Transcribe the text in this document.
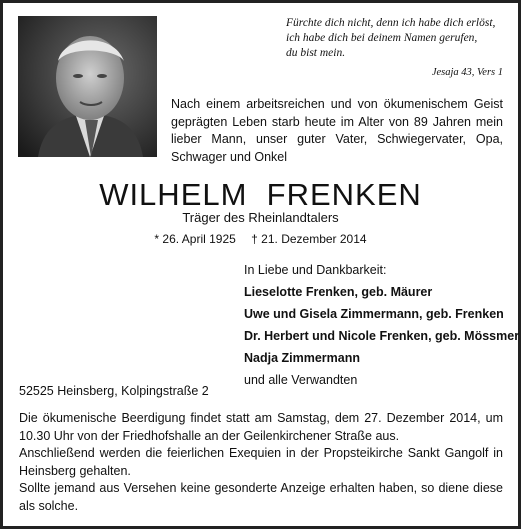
Fürchte dich nicht, denn ich habe dich erlöst,
ich habe dich bei deinem Namen gerufen,
du bist mein.
Jesaja 43, Vers 1
Nach einem arbeitsreichen und von ökumenischem Geist geprägten Leben starb heute im Alter von 89 Jahren mein lieber Mann, unser guter Vater, Schwiegervater, Opa, Schwager und Onkel
WILHELM  FRENKEN
Träger des Rheinlandtalers
* 26. April 1925 † 21. Dezember 2014
In Liebe und Dankbarkeit:
Lieselotte Frenken, geb. Mäurer
Uwe und Gisela Zimmermann, geb. Frenken
Dr. Herbert und Nicole Frenken, geb. Mössmer
Nadja Zimmermann
und alle Verwandten
52525 Heinsberg, Kolpingstraße 2

Die ökumenische Beerdigung findet statt am Samstag, dem 27. Dezember 2014, um 10.30 Uhr von der Friedhofshalle an der Geilenkirchener Straße aus.

Anschließend werden die feierlichen Exequien in der Propsteikirche Sankt Gangolf in Heinsberg gehalten.

Sollte jemand aus Versehen keine gesonderte Anzeige erhalten haben, so diene diese als solche.
